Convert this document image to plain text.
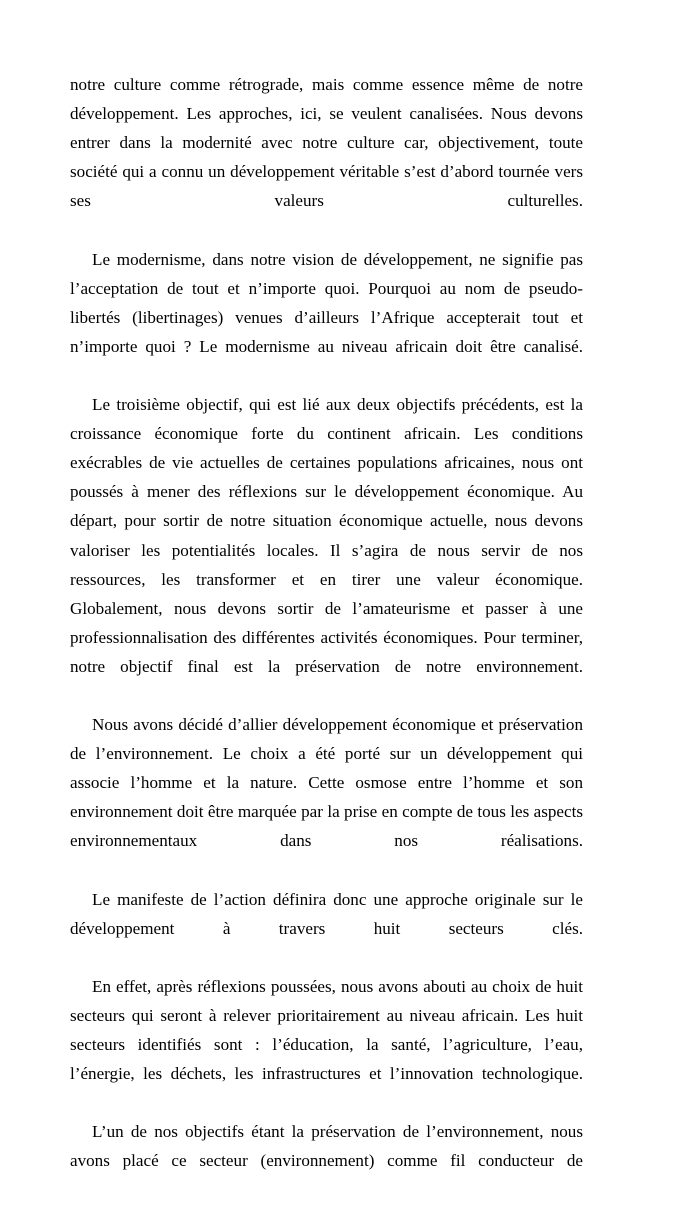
notre culture comme rétrograde, mais comme essence même de notre développement. Les approches, ici, se veulent canalisées. Nous devons entrer dans la modernité avec notre culture car, objectivement, toute société qui a connu un développement véritable s’est d’abord tournée vers ses valeurs culturelles.

Le modernisme, dans notre vision de développement, ne signifie pas l’acceptation de tout et n’importe quoi. Pourquoi au nom de pseudo-libertés (libertinages) venues d’ailleurs l’Afrique accepterait tout et n’importe quoi ? Le modernisme au niveau africain doit être canalisé.

Le troisième objectif, qui est lié aux deux objectifs précédents, est la croissance économique forte du continent africain. Les conditions exécrables de vie actuelles de certaines populations africaines, nous ont poussés à mener des réflexions sur le développement économique. Au départ, pour sortir de notre situation économique actuelle, nous devons valoriser les potentialités locales. Il s’agira de nous servir de nos ressources, les transformer et en tirer une valeur économique. Globalement, nous devons sortir de l’amateurisme et passer à une professionnalisation des différentes activités économiques. Pour terminer, notre objectif final est la préservation de notre environnement.

Nous avons décidé d’allier développement économique et préservation de l’environnement. Le choix a été porté sur un développement qui associe l’homme et la nature. Cette osmose entre l’homme et son environnement doit être marquée par la prise en compte de tous les aspects environnementaux dans nos réalisations.

Le manifeste de l’action définira donc une approche originale sur le développement à travers huit secteurs clés.

En effet, après réflexions poussées, nous avons abouti au choix de huit secteurs qui seront à relever prioritairement au niveau africain. Les huit secteurs identifiés sont : l’éducation, la santé, l’agriculture, l’eau, l’énergie, les déchets, les infrastructures et l’innovation technologique.

L’un de nos objectifs étant la préservation de l’environnement, nous avons placé ce secteur (environnement) comme fil conducteur de
